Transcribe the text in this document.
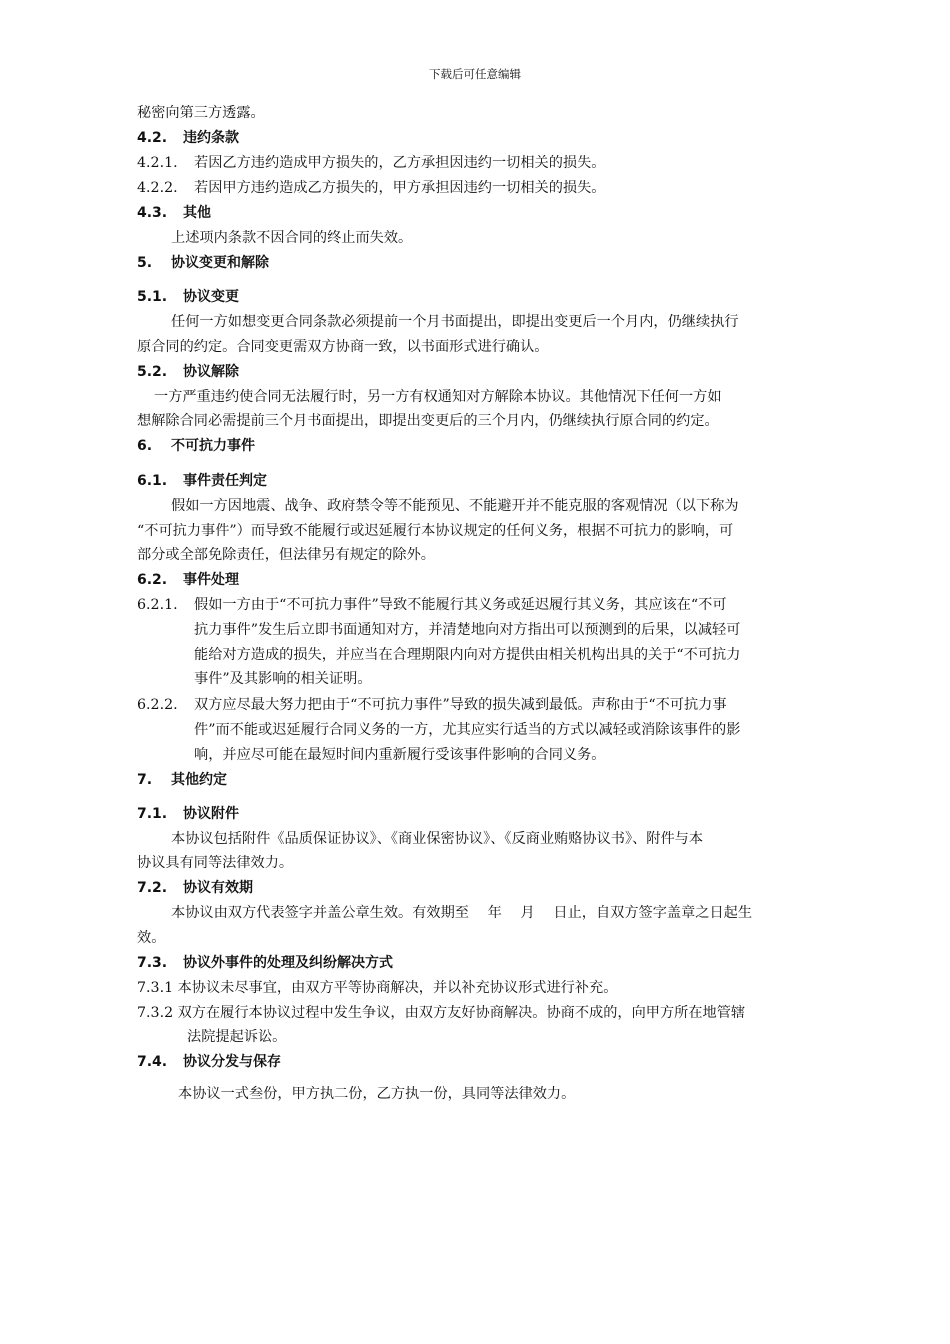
下载后可任意编辑
秘密向第三方透露。
4.2. 违约条款
4.2.1. 若因乙方违约造成甲方损失的，乙方承担因违约一切相关的损失。
4.2.2. 若因甲方违约造成乙方损失的，甲方承担因违约一切相关的损失。
4.3. 其他
上述项内条款不因合同的终止而失效。
5. 协议变更和解除
5.1. 协议变更
任何一方如想变更合同条款必须提前一个月书面提出，即提出变更后一个月内，仍继续执行
原合同的约定。合同变更需双方协商一致，以书面形式进行确认。
5.2. 协议解除
一方严重违约使合同无法履行时，另一方有权通知对方解除本协议。其他情况下任何一方如
想解除合同必需提前三个月书面提出，即提出变更后的三个月内，仍继续执行原合同的约定。
6. 不可抗力事件
6.1. 事件责任判定
假如一方因地震、战争、政府禁令等不能预见、不能避开并不能克服的客观情况（以下称为
“不可抗力事件”）而导致不能履行或迟延履行本协议规定的任何义务，根据不可抗力的影响，可
部分或全部免除责任，但法律另有规定的除外。
6.2. 事件处理
6.2.1. 假如一方由于“不可抗力事件”导致不能履行其义务或延迟履行其义务，其应该在“不可
抗力事件”发生后立即书面通知对方，并清楚地向对方指出可以预测到的后果，以减轻可
能给对方造成的损失，并应当在合理期限内向对方提供由相关机构出具的关于“不可抗力
事件”及其影响的相关证明。
6.2.2. 双方应尽最大努力把由于“不可抗力事件”导致的损失减到最低。声称由于“不可抗力事
件”而不能或迟延履行合同义务的一方，尤其应实行适当的方式以减轻或消除该事件的影
响，并应尽可能在最短时间内重新履行受该事件影响的合同义务。
7. 其他约定
7.1. 协议附件
本协议包括附件《品质保证协议》、《商业保密协议》、《反商业贿赂协议书》、附件与本
协议具有同等法律效力。
7.2. 协议有效期
本协议由双方代表签字并盖公章生效。有效期至　 年　 月　 日止，自双方签字盖章之日起生
效。
7.3. 协议外事件的处理及纠纷解决方式
7.3.1 本协议未尽事宜，由双方平等协商解决，并以补充协议形式进行补充。
7.3.2 双方在履行本协议过程中发生争议，由双方友好协商解决。协商不成的，向甲方所在地管辖
法院提起诉讼。
7.4. 协议分发与保存
本协议一式叁份，甲方执二份，乙方执一份，具同等法律效力。
